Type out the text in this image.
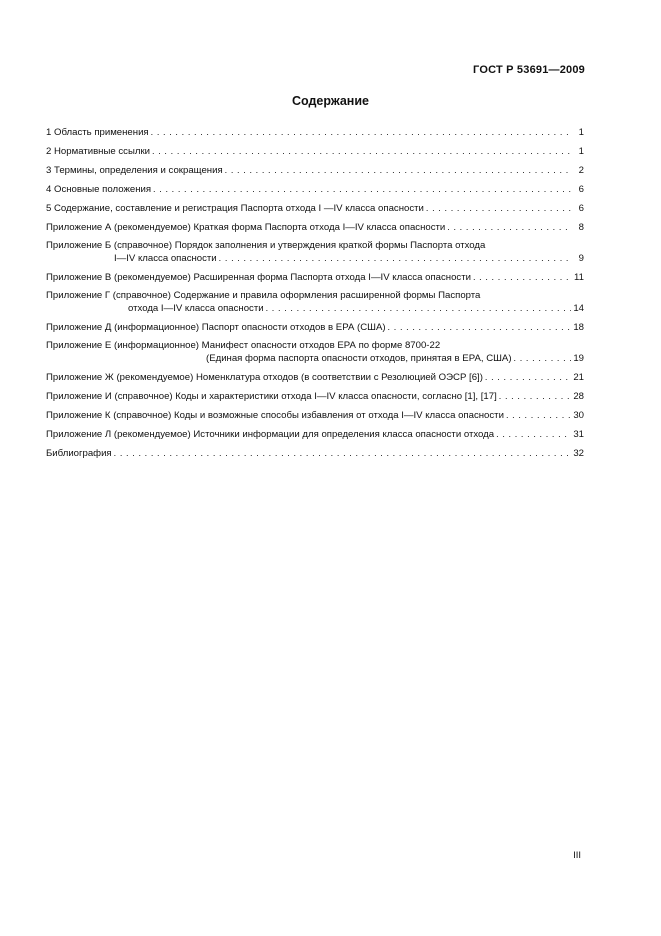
ГОСТ Р 53691—2009
Содержание
1 Область применения . . .	1
2 Нормативные ссылки . . .	1
3 Термины, определения и сокращения . . .	2
4 Основные положения . . .	6
5 Содержание, составление и регистрация Паспорта отхода I —IV класса опасности . . .	6
Приложение А (рекомендуемое) Краткая форма Паспорта отхода I—IV класса опасности . . .	8
Приложение Б (справочное) Порядок заполнения и утверждения краткой формы Паспорта отхода
I—IV класса опасности . . .	9
Приложение В (рекомендуемое) Расширенная форма Паспорта отхода I—IV класса опасности . . .	11
Приложение Г (справочное) Содержание и правила оформления расширенной формы Паспорта
отхода I—IV класса опасности . . .	14
Приложение Д (информационное) Паспорт опасности отходов в ЕРА (США) . . .	18
Приложение Е (информационное) Манифест опасности отходов ЕРА по форме 8700-22
(Единая форма паспорта опасности отходов, принятая в ЕРА, США) . . .	19
Приложение Ж (рекомендуемое) Номенклатура отходов (в соответствии с Резолюцией ОЭСР [6]) . . .	21
Приложение И (справочное) Коды и характеристики отхода I—IV класса опасности, согласно [1], [17] . . .	28
Приложение К (справочное) Коды и возможные способы избавления от отхода I—IV класса опасности . . .	30
Приложение Л (рекомендуемое) Источники информации для определения класса опасности отхода . . .	31
Библиография . . .	32
III
